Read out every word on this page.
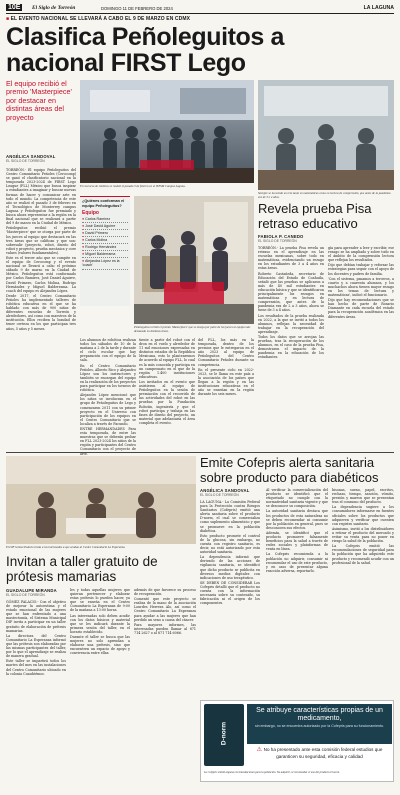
10E	El Siglo de Torreón	DOMINGO 11 DE FEBRERO DE 2024	LA LAGUNA
■ EL EVENTO NACIONAL SE LLEVARÁ A CABO EL 9 DE MARZO EN CDMX
Clasifica Peñoleguitos a nacional FIRST Lego
El equipo recibió el premio 'Masterpiece' por destacar en distintas áreas del proyecto
ANGÉLICA SANDOVAL
EL SIGLO DE TORREÓN

TORREÓN.- El equipo Peñoleguitos del Centro Comunitario Peñoles (Cerocomp) se ganó el clasificatorio nacional en la temporada 2023-2024 de FIRST Lego League (FLL) México que busca inspirar a estudiantes a imaginar y buscar nuevas formas de hacer y comunicar arte en todo el mundo. La competencia de este año se realizó el pasado 3 de febrero en el Tecnológico de Monterrey campus Laguna y Peñoleguitos fue premiado y busca ahora representar a la región en la final nacional que se realizará a partir del 9 de marzo en la Ciudad de México.

Peñoleguitos recibió el premio 'Masterpiece' que se otorga por parte de los jueces al equipo que destacará en las tres áreas que se califican y que son: sobresalir (proyecto, robot, diseño del robot y proyecto, prueba mecánica y core values (valores fundamentales).

Este es el tercer año que se compite en el equipo de Cerocomp y el evento nacional se llevará a cabo el próximo sábado 9 de marzo en la Ciudad de México. Peñoleguitos está conformado por Carlos Ramírez, José Daniel Aguirre, David Primero, Carlos Molina, Rodrigo Hernández y Miguel Balderrama. La coach del equipo es Alejandra López.

Desde 2017, el Centro Comunitario Peñoles ha implementado talleres de robótica educativa en el que se ha hablado con más de 900 niños de diferentes escuelas de Torreón y alrededores, así como con maestros de la institución. Ellos reciben la bondad de tener certeza en los que participan tres años, 5 años y 5 meses.

El concurso de robótica se realizó el pasado 3 de febrero en el ITESM Campus Laguna.
¿Quiénes conforman el equipo Peñoleguitos?
Equipo
● Carlos Ramírez
● José David Aguirre
● David Primero
● Carlos Molina
● Rodrigo Hernández
● Miguel Balderrama
● Alejandra López es la 'coach'
Peñoleguitos recibió el premio 'Masterpiece' que se otorga por parte de los jueces al equipo más destacado en distintas áreas.

Los alumnos de robótica realizan todos los sábados de 10 de la mañana a 2 de la tarde y durante el ciclo escolar que hay preparación con el equipo de la sala.

En el Centro Comunitario Peñoles, Alberto Rico y Alejandro López son los instructores y también se encargan del equipo en la realización de los proyectos para participar en los torneos de robótica.

Alejandro López mencionó que los niños se involucran en el grupo de Peñoleguitos de Lego y comenzaron 2011 con su primer proyecto en el Universo con participación de los equipos en el Centro Comunitario que se localiza a través de Facundo.

ENTRE HERMANDADES Para esta temporada, de entre las muestras que se deberán probar en FLL 2023-2024 los niños de la región y participantes del Centro Comunitario con el proyecto de arte.

tiente a partir del robot con el dron en el vuelo y alrededor de 11 mil emociones expresadas en distintos estados de la República Mexicana, esto lo plantearemos de acuerdo al equipo FLL, lo cual es la más conocida y participa en un campeonato en el que de la región 1.400 instituciones educativas.

Los invitados en el evento que asistieron al equipo de Peñoleguitos en la sesión de premiación con el recorrido de las actividades del robot en las pruebas por la Fundación Robotix, ingeniería y que el robot participa y trabaja en las fases de diseño del proyecto, un material que adelantaría el área completa el evento.

del FLL, los más en la temporada, dentro de los premios que le entregaron en el año 2023 al equipo de Peñoleguitos del Centro Comunitario Peñoles durante su competencia.

En el presente ciclo en 2022-2023, se le llama en este país a la asociación de los países que llegan a la región y en las instituciones educativas en el año se enseñan en la región durante los seis meses.

Siempre se ha tenido un reto tanto en matemáticas como en lectura de comprensión, que antes de la pandemia era de 3 o 4 años.
Revela prueba Pisa retraso educativo
FABIOLA P. CANEDO
EL SIGLO DE TORREÓN

TORREÓN.- La prueba Pisa revela un retraso en el aprendizaje en las escuelas mexicanas, sobre todo en matemáticas, evidenciando un rezago en los estudiantes de 3 a 4 años en estas áreas.

Roberto Castañeda, secretario de Educación del Estado de Coahuila, señaló que las pruebas se aplicaron a más de 40 mil estudiantes en educación básica y que se identificaron principalmente los rezagos en matemáticas y en lectura de comprensión, que antes de la pandemia era de 2 a 3 años, ahora se tiene de 3 a 4 años.

Los resultados de la prueba realizada en 2022, a la que se invitó a todos los alumnos, reflejan la necesidad de trabajar en la recuperación del aprendizaje.

Todos los datos que se arrojan las pruebas, tras la recuperación de los alumnos, en el caso de la prueba Pisa, demostraron el impacto de la pandemia en la educación de los estudiantes.

gía para aprender a leer y escribir, ese rezago se ha ampliado y sobre todo en el ámbito de la comprensión lectora que reflejan los resultados.

Dijo que debían trabajar y reforzar las estrategias para seguir con el apoyo de los docentes y padres de familia.

'Con el sistema, pasamos a terceros, a cuarto y a cuarenta alumnos, y los muchachos ahora tienen mayor rezago en los temas de lectura y matemáticas', indicó el funcionario.

Dijo que hay recomendaciones que se han hecho de parte de Rosario Diamante en cada escuela del estado para la recuperación académica en las diferentes áreas.

Emite Cofepris alerta sanitaria sobre producto para diabéticos
El DIF Gómez Palacio invita a los interesados a que acudan al Centro Comunitario La Esperanza.
ANGÉLICA SANDOVAL
EL SIGLO DE TORREÓN

LA LAGUNA.- La Comisión Federal para la Protección contra Riesgos Sanitarios (Cofepris) emitió una alerta sanitaria sobre el producto D-norm, el cual se comercializa como suplemento alimenticio y que se promueve en la población diabética.

Esto producto promete el control de la glucosa, sin embargo, no cuenta con registro sanitario, es decir, no está autorizado por esta autoridad sanitaria.

La dependencia informó que derivado de las acciones de vigilancia sanitaria, se identificó que dicho producto se publicita en diversos medios digitales con indicaciones de uso terapéutico.

SE DEBEN DE CONSIDERAR Los Cofepris detalló que el producto no cuenta con la información necesaria sobre su contenido, su fabricación ni el origen de los componentes.

Al verificar la comercialización del producto se identificó que el etiquetado no cumple con la normatividad sanitaria vigente y que se desconoce su composición.

La autoridad sanitaria destaca que los productos de esta naturaleza no se deben recomendar ni consumir por la población en general, pues se desconocen sus efectos.

Además, se identificó que el producto promueve falsamente beneficios para la salud a través de redes sociales y plataformas de venta en línea.

La Cofepris recomienda a la población no adquirir, consumir ni recomendar el uso de este producto, y en caso de presentar alguna reacción adversa, reportarlo.

bisonas, sueno, papel, escritos, rechazo, tiempo, sanción, vómito, presión y mareos que se presentan tras el consumo del producto.

La dependencia sugiere a los consumidores informarse en fuentes oficiales sobre los productos que adquieren y verificar que cuenten con registro sanitario.

Asimismo, invitó a los distribuidores a retirar el producto del mercado y evitar su venta para no poner en riesgo la salud de la población.

La Cofepris emitió las recomendaciones de seguridad para la población que ha adquirido este producto y recomendó acudir con un profesional de la salud.

D-norm
Se atribuye características propias de un medicamento,
sin embargo, no se encuentra autorizado por la Cofepris para su funcionamiento.
⚠ No ha presentado ante esta comisión federal estudios que garanticen su seguridad, eficacia y calidad
La Cofepris emitió algunas recomendaciones para la población. No adquirir, ni recomendar el uso del producto D-norm.
Invitan a taller gratuito de prótesis mamarias
GUADALUPE MIRANDA
EL SIGLO DE TORREÓN

GÓMEZ PALACIO.- Con el objetivo de mejorar la autoestima y el estado emocional de las mujeres que se han enfrentado a una mastectomía, el Sistema Municipal DIF invita a participar en un taller gratuito de elaboración de prótesis mamarias.

La directora del Centro Comunitario La Esperanza informó que las prótesis son elaboradas por las mismas participantes del taller, por lo que el aprendizaje se realiza de manera gradual.

Este taller se impartirá todos los martes del mes en las instalaciones del Centro Comunitario ubicado en la colonia Cuauhtémoc.

les y todas aquellas mujeres que quieran pertenecer y elaborar estas prótesis lo pueden hacer, ya que se enseña en el Centro Comunitario La Esperanza de 9:00 de la mañana a 13:00 horas.

Las interesadas solo deben acudir con los datos básicos y material que se les indicará durante la primera sesión del taller, en el horario establecido.

Durante el taller se busca que las mujeres no solo aprendan a elaborar una prótesis, sino que encuentren un espacio de apoyo y convivencia entre ellas.

además de que favorece su proceso de recuperación.

Comentó que este proyecto se realiza de la mano de la asociación Lourdes Herrera Alo, así como el Centro Comunitario La Esperanza para ayudar a las mujeres que han perdido un seno a causa del cáncer.

Para mayores informes, las interesadas pueden llamar al 871 714 2627 o al 871 714 6066.
